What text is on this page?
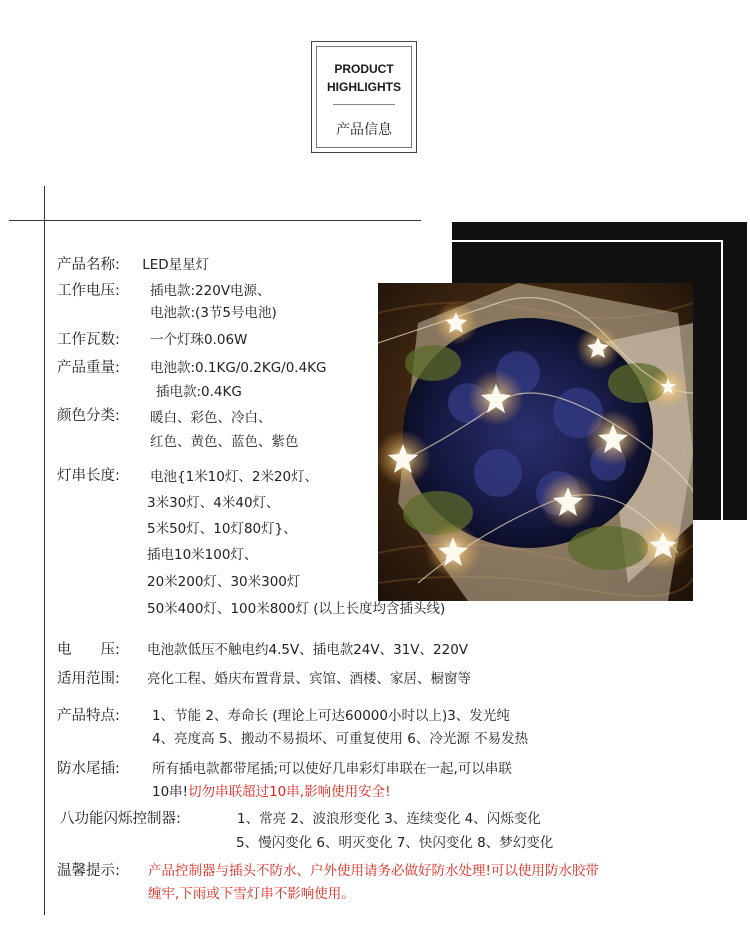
PRODUCT
HIGHLIGHTS
产品信息
产品名称: LED星星灯
工作电压: 插电款:220V电源、
电池款:(3节5号电池)
工作瓦数: 一个灯珠0.06W
产品重量: 电池款:0.1KG/0.2KG/0.4KG
插电款:0.4KG
颜色分类: 暖白、彩色、冷白、
红色、黄色、蓝色、紫色
灯串长度: 电池{1米10灯、2米20灯、
3米30灯、4米40灯、
5米50灯、10灯80灯}、
插电10米100灯、
20米200灯、30米300灯
50米400灯、100米800灯 (以上长度均含插头线)
电　　压: 电池款低压不触电约4.5V、插电款24V、31V、220V
适用范围: 亮化工程、婚庆布置背景、宾馆、酒楼、家居、橱窗等
产品特点: 1、节能 2、寿命长 (理论上可达60000小时以上)3、发光纯
4、亮度高 5、搬动不易损坏、可重复使用 6、冷光源 不易发热
防水尾插: 所有插电款都带尾插;可以使好几串彩灯串联在一起,可以串联
10串!切勿串联超过10串,影响使用安全!
八功能闪烁控制器:	1、常亮 2、波浪形变化 3、连续变化 4、闪烁变化
5、慢闪变化 6、明灭变化 7、快闪变化 8、梦幻变化
温馨提示: 产品控制器与插头不防水、户外使用请务必做好防水处理!可以使用防水胶带
缠牢,下雨或下雪灯串不影响使用。
